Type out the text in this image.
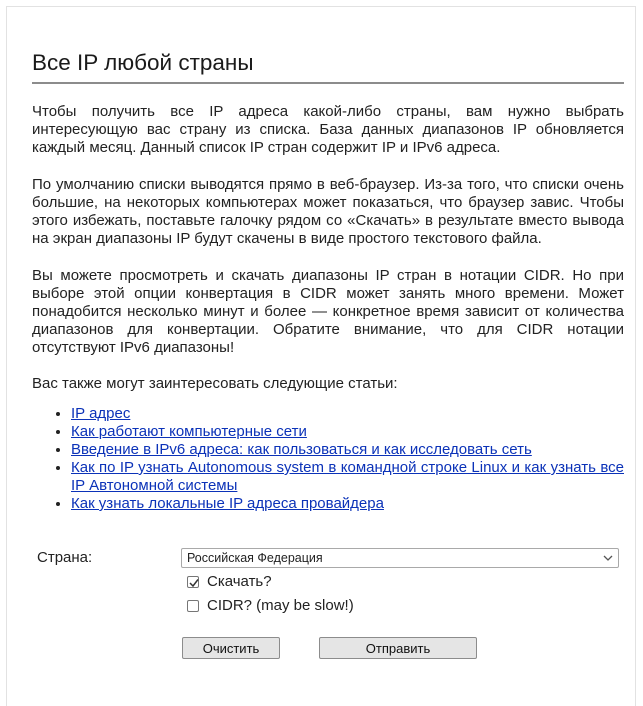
Все IP любой страны

Чтобы получить все IP адреса какой-либо страны, вам нужно выбрать интересующую вас страну из списка. База данных диапазонов IP обновляется каждый месяц. Данный список IP стран содержит IP и IPv6 адреса.

По умолчанию списки выводятся прямо в веб-браузер. Из-за того, что списки очень большие, на некоторых компьютерах может показаться, что браузер завис. Чтобы этого избежать, поставьте галочку рядом со «Скачать» в результате вместо вывода на экран диапазоны IP будут скачены в виде простого текстового файла.

Вы можете просмотреть и скачать диапазоны IP стран в нотации CIDR. Но при выборе этой опции конвертация в CIDR может занять много времени. Может понадобится несколько минут и более — конкретное время зависит от количества диапазонов для конвертации. Обратите внимание, что для CIDR нотации отсутствуют IPv6 диапазоны!

Вас также могут заинтересовать следующие статьи:

• IP адрес
• Как работают компьютерные сети
• Введение в IPv6 адреса: как пользоваться и как исследовать сеть
• Как по IP узнать Autonomous system в командной строке Linux и как узнать все IP Автономной системы
• Как узнать локальные IP адреса провайдера
Страна:	Российская Федерация
Скачать?
CIDR? (may be slow!)
Очистить	Отправить
